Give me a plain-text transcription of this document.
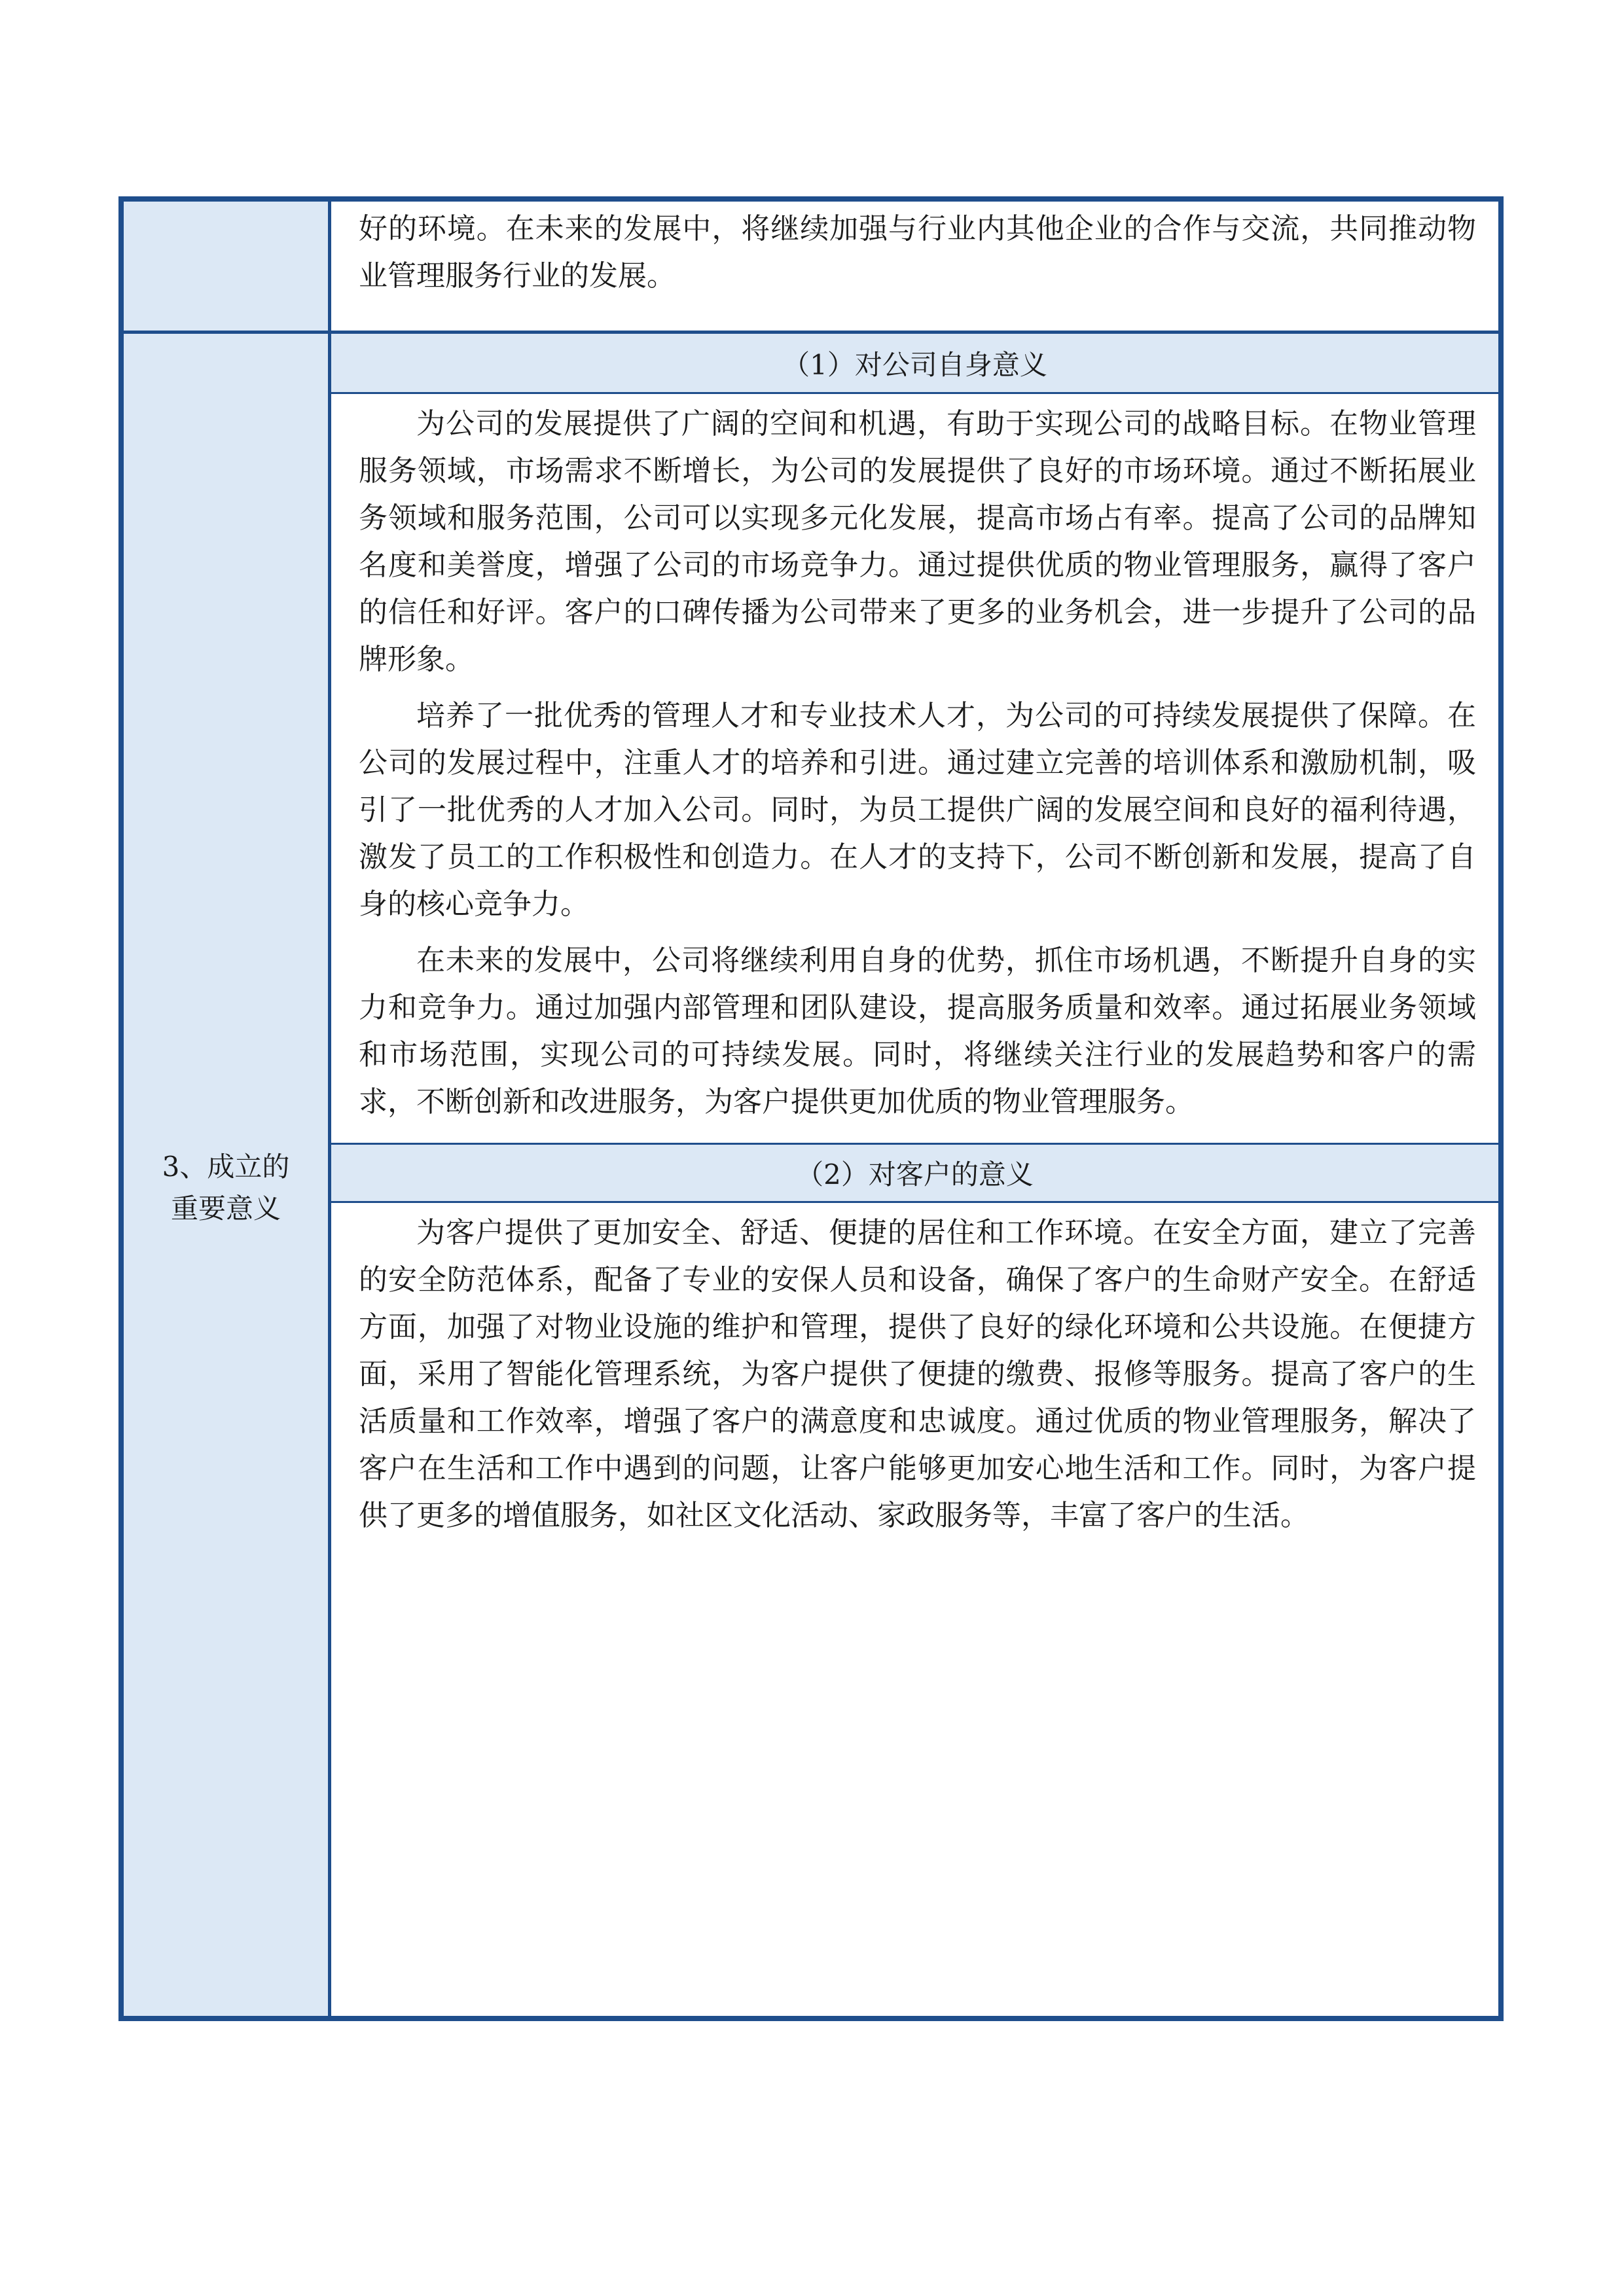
好的环境。在未来的发展中，将继续加强与行业内其他企业的合作与交流，共同推动物业管理服务行业的发展。

3、成立的
重要意义

（1）对公司自身意义

为公司的发展提供了广阔的空间和机遇，有助于实现公司的战略目标。在物业管理服务领域，市场需求不断增长，为公司的发展提供了良好的市场环境。通过不断拓展业务领域和服务范围，公司可以实现多元化发展，提高市场占有率。提高了公司的品牌知名度和美誉度，增强了公司的市场竞争力。通过提供优质的物业管理服务，赢得了客户的信任和好评。客户的口碑传播为公司带来了更多的业务机会，进一步提升了公司的品牌形象。

培养了一批优秀的管理人才和专业技术人才，为公司的可持续发展提供了保障。在公司的发展过程中，注重人才的培养和引进。通过建立完善的培训体系和激励机制，吸引了一批优秀的人才加入公司。同时，为员工提供广阔的发展空间和良好的福利待遇，激发了员工的工作积极性和创造力。在人才的支持下，公司不断创新和发展，提高了自身的核心竞争力。

在未来的发展中，公司将继续利用自身的优势，抓住市场机遇，不断提升自身的实力和竞争力。通过加强内部管理和团队建设，提高服务质量和效率。通过拓展业务领域和市场范围，实现公司的可持续发展。同时，将继续关注行业的发展趋势和客户的需求，不断创新和改进服务，为客户提供更加优质的物业管理服务。

（2）对客户的意义

为客户提供了更加安全、舒适、便捷的居住和工作环境。在安全方面，建立了完善的安全防范体系，配备了专业的安保人员和设备，确保了客户的生命财产安全。在舒适方面，加强了对物业设施的维护和管理，提供了良好的绿化环境和公共设施。在便捷方面，采用了智能化管理系统，为客户提供了便捷的缴费、报修等服务。提高了客户的生活质量和工作效率，增强了客户的满意度和忠诚度。通过优质的物业管理服务，解决了客户在生活和工作中遇到的问题，让客户能够更加安心地生活和工作。同时，为客户提供了更多的增值服务，如社区文化活动、家政服务等，丰富了客户的生活。
